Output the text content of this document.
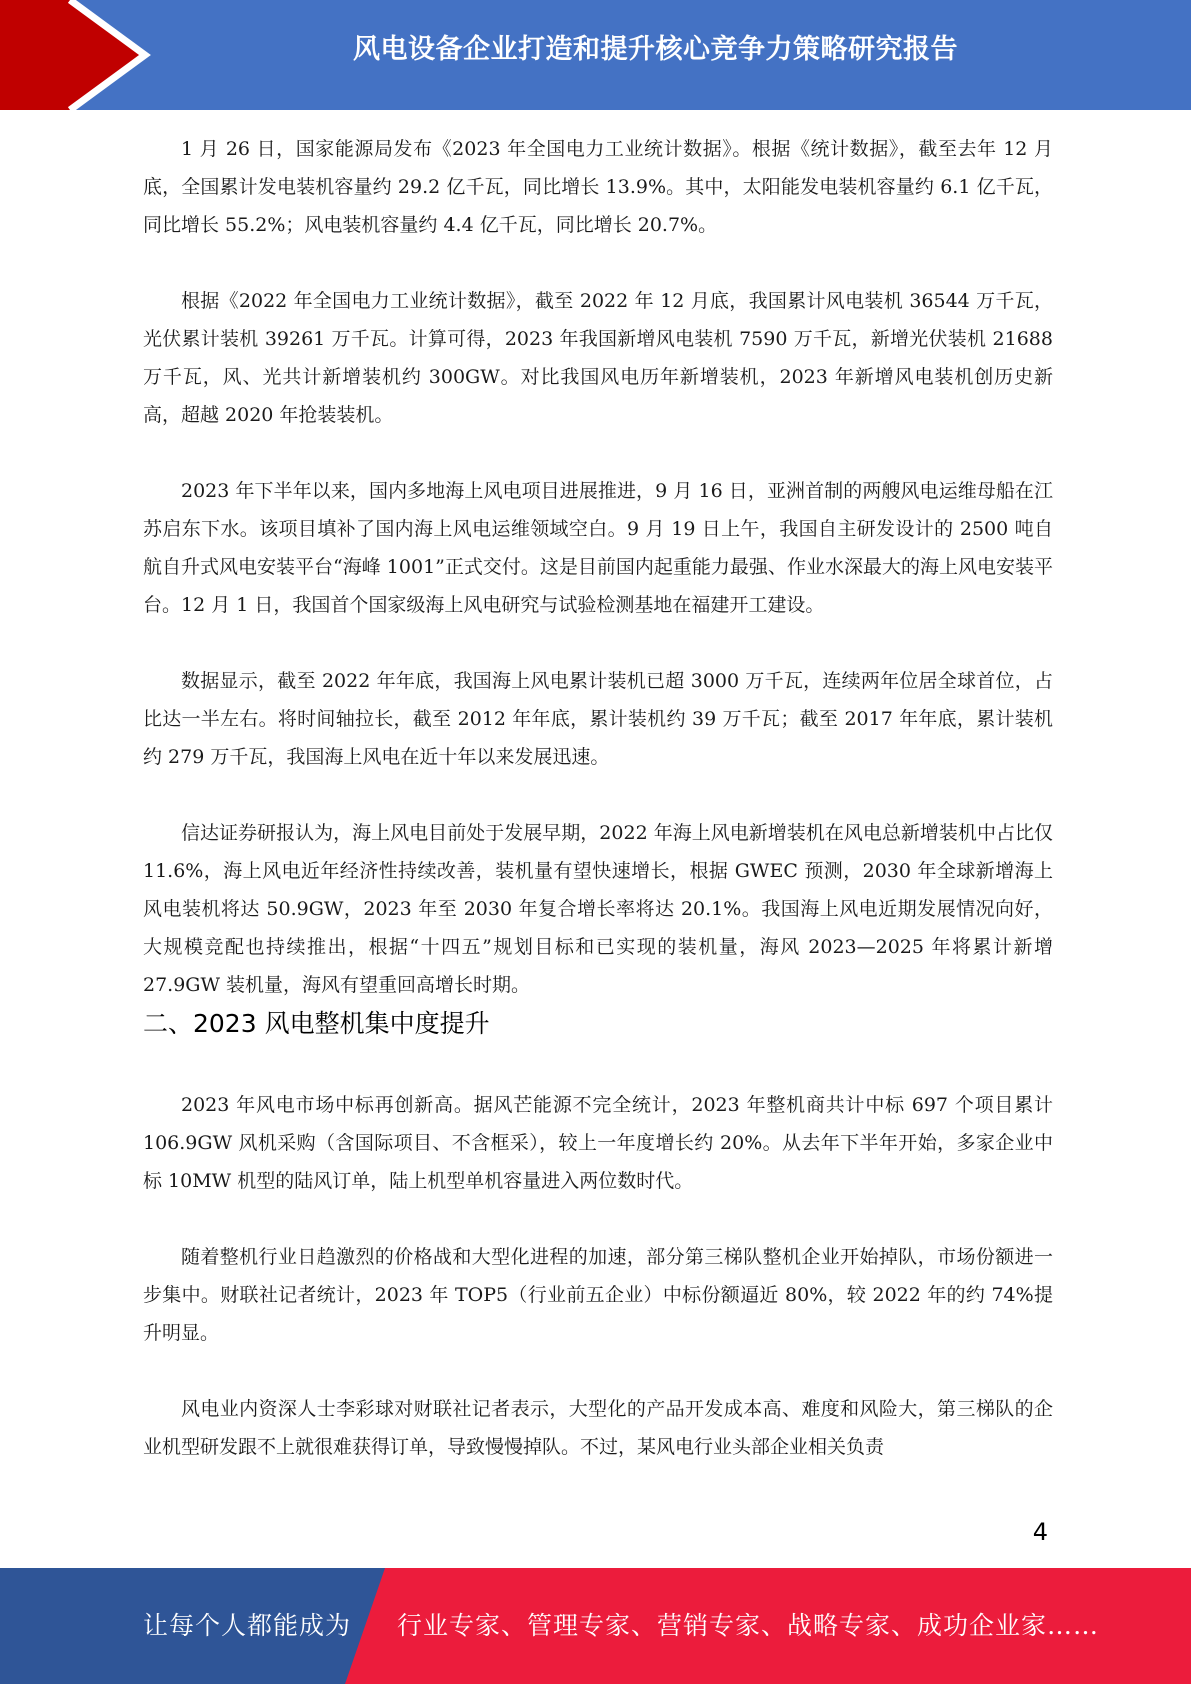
风电设备企业打造和提升核心竞争力策略研究报告

1 月 26 日，国家能源局发布《2023 年全国电力工业统计数据》。根据《统计数据》，截至去年 12 月底，全国累计发电装机容量约 29.2 亿千瓦，同比增长 13.9%。其中，太阳能发电装机容量约 6.1 亿千瓦，同比增长 55.2%；风电装机容量约 4.4 亿千瓦，同比增长 20.7%。

根据《2022 年全国电力工业统计数据》，截至 2022 年 12 月底，我国累计风电装机 36544 万千瓦，光伏累计装机 39261 万千瓦。计算可得，2023 年我国新增风电装机 7590 万千瓦，新增光伏装机 21688 万千瓦，风、光共计新增装机约 300GW。对比我国风电历年新增装机，2023 年新增风电装机创历史新高，超越 2020 年抢装装机。

2023 年下半年以来，国内多地海上风电项目进展推进，9 月 16 日，亚洲首制的两艘风电运维母船在江苏启东下水。该项目填补了国内海上风电运维领域空白。9 月 19 日上午，我国自主研发设计的 2500 吨自航自升式风电安装平台“海峰 1001”正式交付。这是目前国内起重能力最强、作业水深最大的海上风电安装平台。12 月 1 日，我国首个国家级海上风电研究与试验检测基地在福建开工建设。

数据显示，截至 2022 年年底，我国海上风电累计装机已超 3000 万千瓦，连续两年位居全球首位，占比达一半左右。将时间轴拉长，截至 2012 年年底，累计装机约 39 万千瓦；截至 2017 年年底，累计装机约 279 万千瓦，我国海上风电在近十年以来发展迅速。

信达证券研报认为，海上风电目前处于发展早期，2022 年海上风电新增装机在风电总新增装机中占比仅 11.6%，海上风电近年经济性持续改善，装机量有望快速增长，根据 GWEC 预测，2030 年全球新增海上风电装机将达 50.9GW，2023 年至 2030 年复合增长率将达 20.1%。我国海上风电近期发展情况向好，大规模竞配也持续推出，根据“十四五”规划目标和已实现的装机量，海风 2023—2025 年将累计新增 27.9GW 装机量，海风有望重回高增长时期。

二、2023 风电整机集中度提升

2023 年风电市场中标再创新高。据风芒能源不完全统计，2023 年整机商共计中标 697 个项目累计 106.9GW 风机采购（含国际项目、不含框采），较上一年度增长约 20%。从去年下半年开始，多家企业中标 10MW 机型的陆风订单，陆上机型单机容量进入两位数时代。

随着整机行业日趋激烈的价格战和大型化进程的加速，部分第三梯队整机企业开始掉队，市场份额进一步集中。财联社记者统计，2023 年 TOP5（行业前五企业）中标份额逼近 80%，较 2022 年的约 74%提升明显。

风电业内资深人士李彩球对财联社记者表示，大型化的产品开发成本高、难度和风险大，第三梯队的企业机型研发跟不上就很难获得订单，导致慢慢掉队。不过，某风电行业头部企业相关负责

4
让每个人都能成为 行业专家、管理专家、营销专家、战略专家、成功企业家……
